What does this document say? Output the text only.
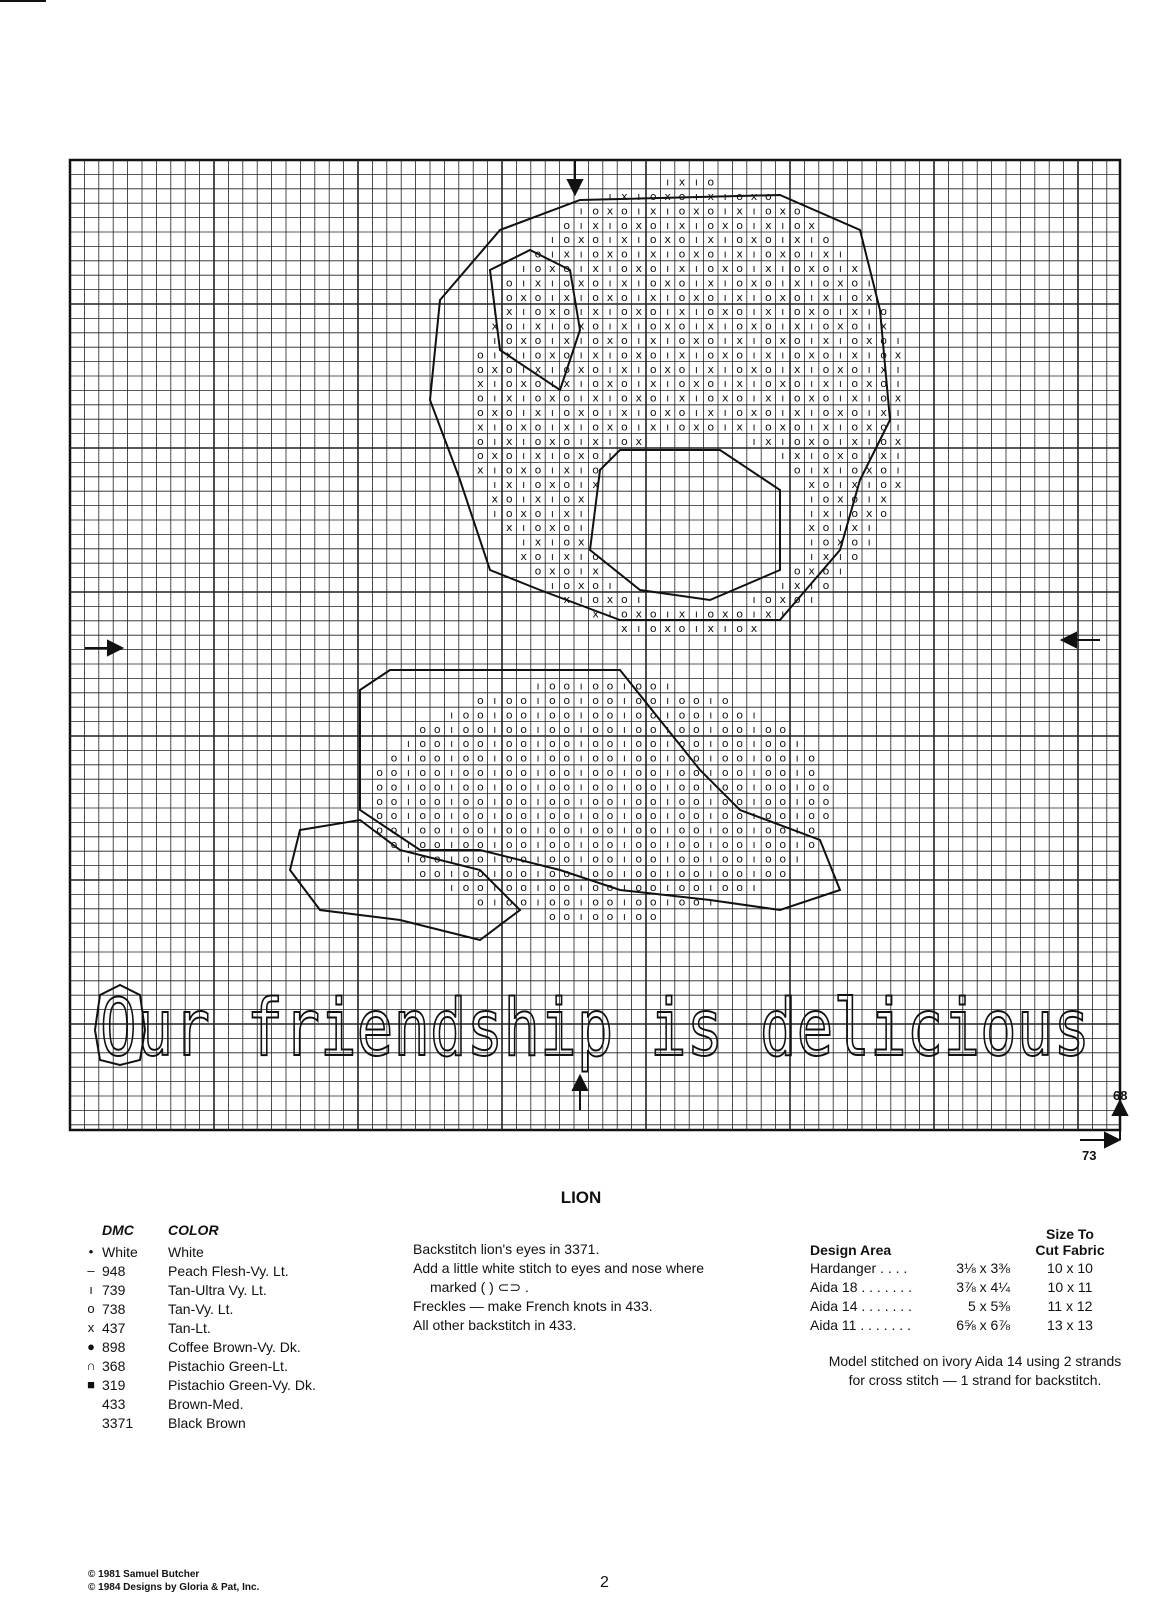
o
o
o
o
o
o
o
o
o
o
o
o
ı
ı
ı
ı
ı
ı
ı
ı
ı
o
o
o
o
o
o
o
o
o
o
o
o
o
o
o
o
o
o
o
o
o
o
ı
ı
ı
ı
ı
ı
ı
ı
ı
ı
ı
ı
ı
o
o
o
o
o
o
o
o
o
o
o
o
o
o
o
x
o
o
x
o
o
x
o
o
o
o
o
o
o
o
o
o
o
o
o
o
o
ı
x
ı
ı
x
ı
ı
x
ı
ı
x
ı
ı
x
ı
ı
ı
ı
ı
ı
ı
ı
ı
ı
ı
ı
ı
ı
ı
ı
o
o
x
o
o
x
o
o
x
o
o
x
o
o
x
o
o
x
o
o
o
o
o
o
o
o
o
o
o
o
o
o
o
ı
ı
x
ı
ı
x
ı
ı
x
ı
ı
x
ı
ı
x
ı
ı
x
ı
ı
x
o
o
o
o
o
o
o
o
o
o
o
o
o
o
o
o
o
x
o
o
x
o
o
x
o
o
x
o
o
x
o
o
x
o
o
x
o
o
ı
ı
ı
ı
ı
ı
ı
ı
ı
ı
ı
ı
ı
ı
ı
ı
ı
ı
x
ı
ı
x
ı
ı
x
ı
ı
x
ı
ı
x
ı
ı
x
ı
ı
x
ı
ı
x
ı
o
o
o
o
o
o
o
o
o
o
o
o
o
o
o
o
o
o
o
x
o
o
x
o
o
x
o
o
x
o
o
x
o
o
x
o
o
x
o
o
x
o
o
x
o
o
o
o
o
o
o
o
o
o
o
o
o
o
o
o
o
ı
ı
x
ı
ı
x
ı
ı
x
ı
ı
x
ı
ı
x
ı
ı
x
ı
ı
x
ı
ı
x
ı
ı
x
ı
ı
ı
ı
ı
ı
ı
ı
ı
ı
ı
ı
ı
ı
ı
ı
ı
ı
o
x
o
o
x
o
o
x
o
o
x
o
o
x
o
o
x
o
o
x
o
x
o
o
x
o
o
o
o
o
o
o
o
o
o
o
o
o
o
o
o
o
ı
x
ı
ı
x
ı
ı
x
ı
ı
x
ı
ı
x
ı
ı
x
ı
ı
ı
x
ı
o
o
o
o
o
o
o
o
o
o
o
o
o
o
o
o
o
x
o
o
x
o
o
x
o
o
x
o
o
x
o
o
x
o
o
o
o
x
ı
ı
ı
ı
ı
ı
ı
ı
ı
ı
ı
ı
ı
ı
ı
ı
ı
ı
ı
x
ı
ı
x
ı
ı
x
ı
ı
x
ı
ı
x
ı
ı
x
ı
x
ı
o
o
o
o
o
o
o
o
o
o
o
o
o
o
o
o
o
o
x
o
o
x
o
o
x
o
o
x
o
o
x
o
o
x
o
o
o
o
o
o
o
o
o
o
o
o
o
o
o
o
o
o
o
ı
x
ı
ı
x
ı
ı
x
ı
ı
x
ı
ı
x
ı
ı
x
ı
ı
x
ı
ı
ı
ı
ı
ı
ı
ı
ı
ı
ı
ı
ı
ı
ı
ı
x
o
o
x
o
o
x
o
o
x
o
o
x
o
o
x
o
o
x
o
o
o
o
o
o
o
o
o
o
o
o
o
o
o
o
ı
ı
x
ı
ı
x
ı
ı
x
ı
ı
x
ı
ı
x
ı
ı
x
ı
ı
o
o
o
o
o
o
o
o
o
o
o
o
o
o
o
o
x
o
o
x
o
o
x
o
o
x
o
o
x
o
o
x
o
o
x
ı
ı
ı
ı
ı
ı
ı
ı
ı
ı
ı
ı
ı
ı
ı
ı
ı
x
ı
ı
x
ı
ı
x
ı
ı
x
ı
ı
x
ı
ı
x
ı
o
o
o
o
o
o
o
o
o
o
o
o
o
o
o
x
o
o
x
o
o
x
o
o
x
o
o
x
o
o
x
o
o
o
o
o
o
o
o
o
o
o
o
o
o
o
x
ı
ı
x
ı
ı
x
ı
ı
x
ı
ı
x
ı
ı
x
ı
ı
ı
ı
x
ı
ı
ı
ı
ı
ı
ı
ı
ı
ı
ı
ı
ı
o
o
x
o
o
x
o
o
x
o
o
x
o
o
x
o
o
x
o
x
o
o
o
o
o
o
o
o
o
o
o
x
ı
ı
x
ı
ı
x
ı
ı
x
ı
ı
x
ı
ı
x
ı
ı
ı
x
ı
o
o
o
o
o
o
o
o
o
o
o
o
o
x
o
o
x
o
o
x
o
o
x
o
o
x
o
o
x
o
o
x
o
ı
ı
ı
ı
ı
ı
ı
ı
ı
x
ı
ı
x
ı
ı
x
ı
ı
x
ı
ı
x
ı
ı
x
ı
ı
x
ı
ı
x
ı
ı
x
ı
ı
o
o
o
o
o
o
o
o
x
o
o
x
o
o
x
o
o
x
o
o
x
o
o
x
o
o
x
o
o
x
o
o
o
o
o
ı
ı
x
ı
ı
x
ı
ı
x
ı
ı
x
ı
ı
x
ı
ı
x
ı
ı
x
ı
ı
x
o
o
x
o
o
x
o
o
x
o
o
x
o
o
x
o
o
x
o
o
ı
x
ı
ı
x
ı
ı
x
ı
ı
x
ı
ı
x
ı
ı
x
ı
ı
o
x
o
o
x
o
o
x
o
o
x
o
o
x
o
ı
x
ı
ı
x
ı
ı
x
ı
ı
x
Our friendship is delicious
68
73
LION
DMC	COLOR
• White	White
– 948	Peach Flesh-Vy. Lt.
ı 739	Tan-Ultra Vy. Lt.
o 738	Tan-Vy. Lt.
x 437	Tan-Lt.
● 898	Coffee Brown-Vy. Dk.
∩ 368	Pistachio Green-Lt.
■ 319	Pistachio Green-Vy. Dk.
433	Brown-Med.
3371	Black Brown
Backstitch lion's eyes in 3371.
Add a little white stitch to eyes and nose where
marked ( ) ⊂⊃ .
Freckles — make French knots in 433.
All other backstitch in 433.
Design Area
Size To
Cut Fabric
Hardanger . . . .	3⅛ x 3⅜	10 x 10
Aida 18 . . . . . . .	3⅞ x 4¼	10 x 11
Aida 14 . . . . . . .	5 x 5⅜	11 x 12
Aida 11 . . . . . . .	6⅝ x 6⅞	13 x 13
Model stitched on ivory Aida 14 using 2 strands
for cross stitch — 1 strand for backstitch.
© 1981 Samuel Butcher
© 1984 Designs by Gloria & Pat, Inc.	2
